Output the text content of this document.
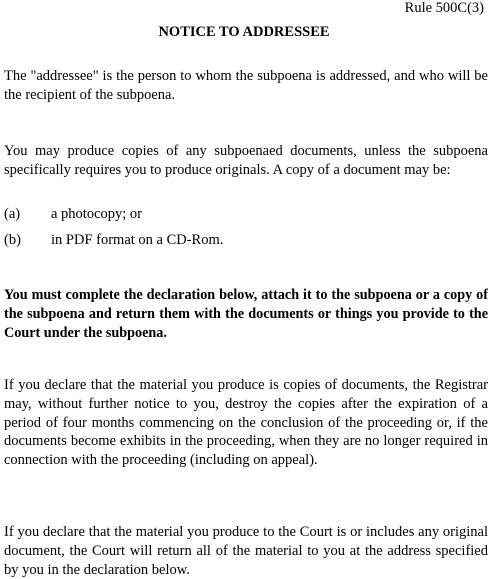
Rule 500C(3)
NOTICE TO ADDRESSEE

The "addressee" is the person to whom the subpoena is addressed, and who will be the recipient of the subpoena.

You may produce copies of any subpoenaed documents, unless the subpoena specifically requires you to produce originals. A copy of a document may be:

(a) a photocopy; or
(b) in PDF format on a CD-Rom.

You must complete the declaration below, attach it to the subpoena or a copy of the subpoena and return them with the documents or things you provide to the Court under the subpoena.

If you declare that the material you produce is copies of documents, the Registrar may, without further notice to you, destroy the copies after the expiration of a period of four months commencing on the conclusion of the proceeding or, if the documents become exhibits in the proceeding, when they are no longer required in connection with the proceeding (including on appeal).

If you declare that the material you produce to the Court is or includes any original document, the Court will return all of the material to you at the address specified by you in the declaration below.
